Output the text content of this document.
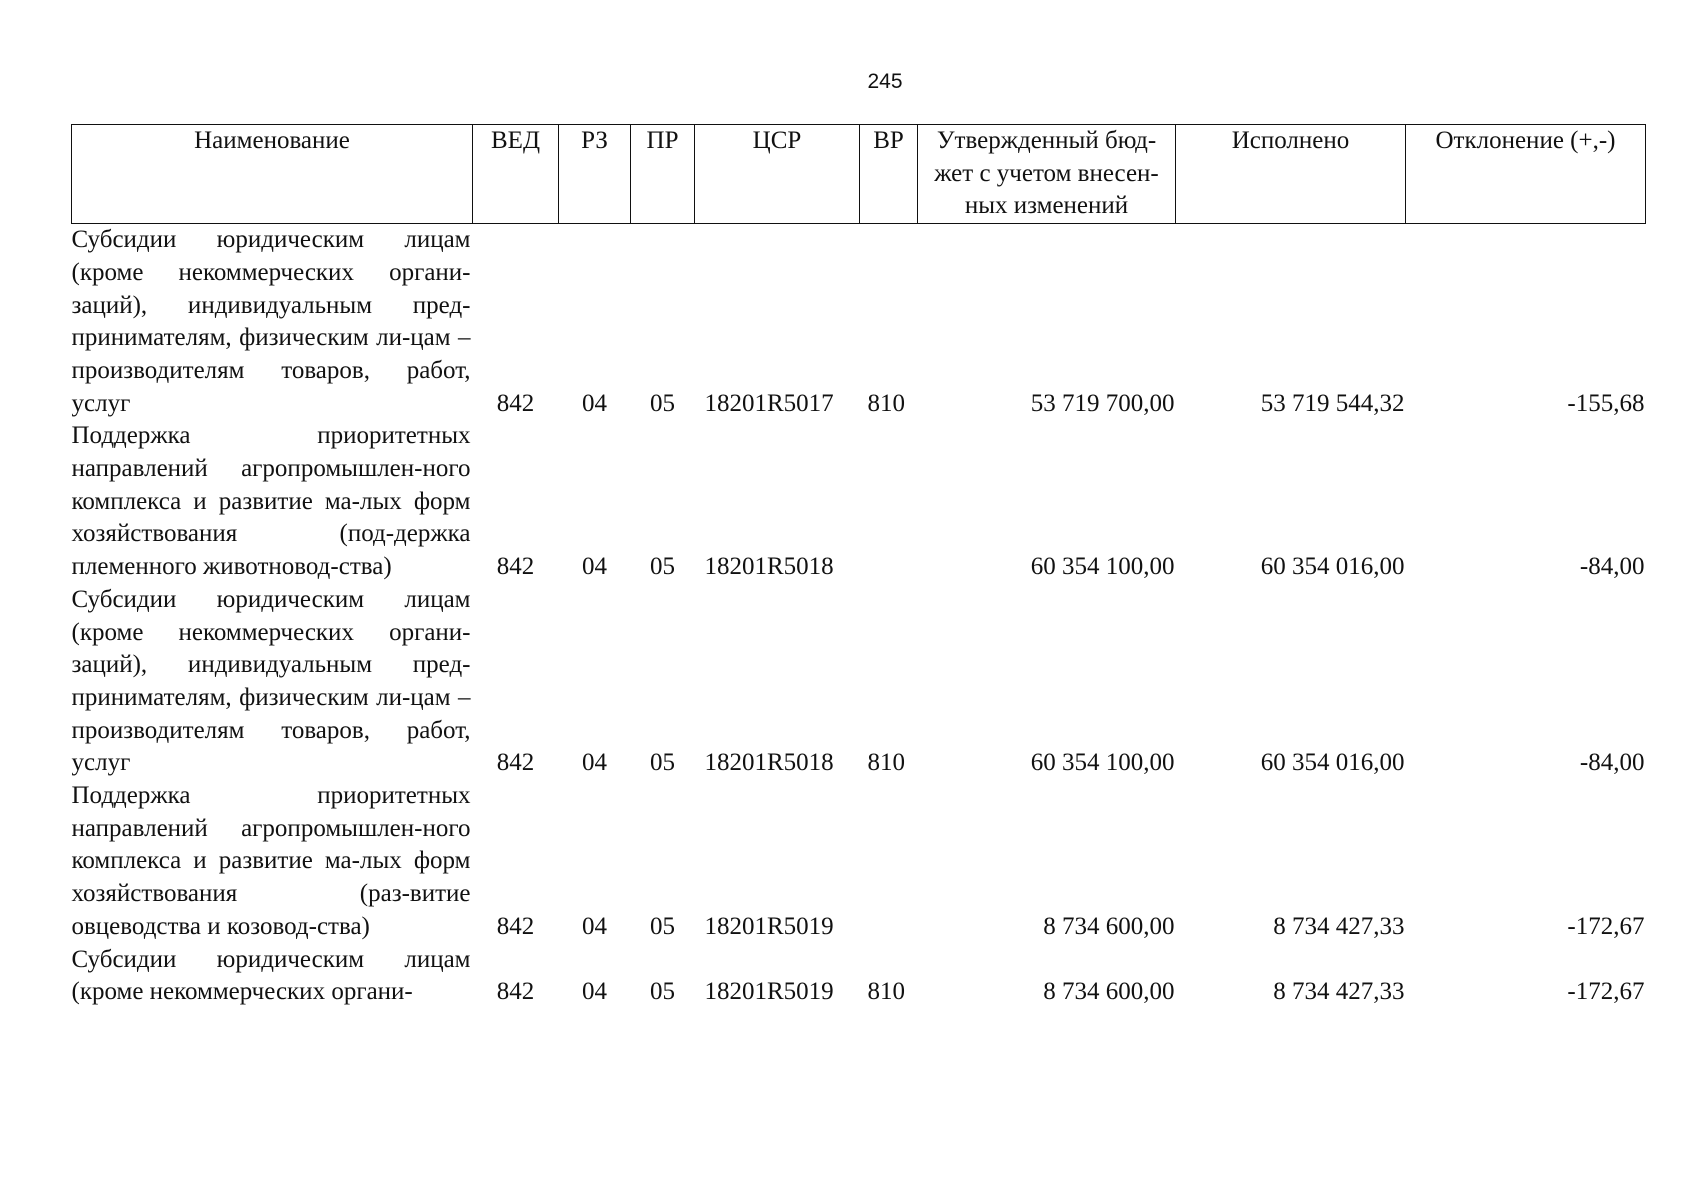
245
Наименование	ВЕД	РЗ	ПР	ЦСР	ВР	Утвержденный бюд-жет с учетом внесен-ных изменений	Исполнено	Отклонение (+,-)
Субсидии юридическим лицам (кроме некоммерческих органи-заций), индивидуальным пред-принимателям, физическим ли-цам – производителям товаров, работ, услуг	842	04	05	18201R5017	810	53 719 700,00	53 719 544,32	-155,68
Поддержка приоритетных направлений агропромышлен-ного комплекса и развитие ма-лых форм хозяйствования (под-держка племенного животновод-ства)	842	04	05	18201R5018		60 354 100,00	60 354 016,00	-84,00
Субсидии юридическим лицам (кроме некоммерческих органи-заций), индивидуальным пред-принимателям, физическим ли-цам – производителям товаров, работ, услуг	842	04	05	18201R5018	810	60 354 100,00	60 354 016,00	-84,00
Поддержка приоритетных направлений агропромышлен-ного комплекса и развитие ма-лых форм хозяйствования (раз-витие овцеводства и козовод-ства)	842	04	05	18201R5019		8 734 600,00	8 734 427,33	-172,67
Субсидии юридическим лицам (кроме некоммерческих органи-	842	04	05	18201R5019	810	8 734 600,00	8 734 427,33	-172,67
